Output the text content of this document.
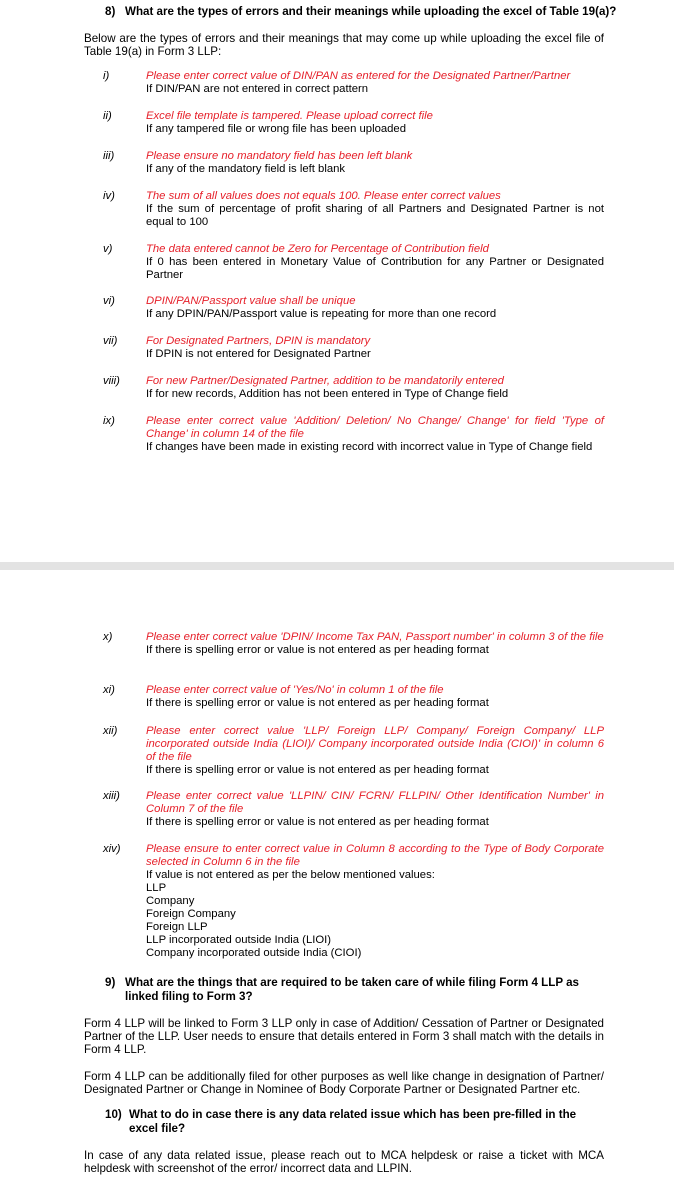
8) What are the types of errors and their meanings while uploading the excel of Table 19(a)?
Below are the types of errors and their meanings that may come up while uploading the excel file of Table 19(a) in Form 3 LLP:
i)	Please enter correct value of DIN/PAN as entered for the Designated Partner/Partner
If DIN/PAN are not entered in correct pattern
ii)	Excel file template is tampered. Please upload correct file
If any tampered file or wrong file has been uploaded
iii)	Please ensure no mandatory field has been left blank
If any of the mandatory field is left blank
iv)	The sum of all values does not equals 100. Please enter correct values
If the sum of percentage of profit sharing of all Partners and Designated Partner is not equal to 100
v)	The data entered cannot be Zero for Percentage of Contribution field
If 0 has been entered in Monetary Value of Contribution for any Partner or Designated Partner
vi)	DPIN/PAN/Passport value shall be unique
If any DPIN/PAN/Passport value is repeating for more than one record
vii)	For Designated Partners, DPIN is mandatory
If DPIN is not entered for Designated Partner
viii) For new Partner/Designated Partner, addition to be mandatorily entered
If for new records, Addition has not been entered in Type of Change field
ix)	Please enter correct value 'Addition/ Deletion/ No Change/ Change' for field 'Type of Change' in column 14 of the file
If changes have been made in existing record with incorrect value in Type of Change field
x)	Please enter correct value 'DPIN/ Income Tax PAN, Passport number' in column 3 of the file
If there is spelling error or value is not entered as per heading format
xi)	Please enter correct value of 'Yes/No' in column 1 of the file
If there is spelling error or value is not entered as per heading format
xii)	Please enter correct value 'LLP/ Foreign LLP/ Company/ Foreign Company/ LLP incorporated outside India (LIOI)/ Company incorporated outside India (CIOI)' in column 6 of the file
If there is spelling error or value is not entered as per heading format
xiii) Please enter correct value 'LLPIN/ CIN/ FCRN/ FLLPIN/ Other Identification Number' in Column 7 of the file
If there is spelling error or value is not entered as per heading format
xiv) Please ensure to enter correct value in Column 8 according to the Type of Body Corporate selected in Column 6 in the file
If value is not entered as per the below mentioned values:
LLP
Company
Foreign Company
Foreign LLP
LLP incorporated outside India (LIOI)
Company incorporated outside India (CIOI)
9) What are the things that are required to be taken care of while filing Form 4 LLP as linked filing to Form 3?
Form 4 LLP will be linked to Form 3 LLP only in case of Addition/ Cessation of Partner or Designated Partner of the LLP. User needs to ensure that details entered in Form 3 shall match with the details in Form 4 LLP.
Form 4 LLP can be additionally filed for other purposes as well like change in designation of Partner/ Designated Partner or Change in Nominee of Body Corporate Partner or Designated Partner etc.
10) What to do in case there is any data related issue which has been pre-filled in the excel file?
In case of any data related issue, please reach out to MCA helpdesk or raise a ticket with MCA helpdesk with screenshot of the error/ incorrect data and LLPIN.
